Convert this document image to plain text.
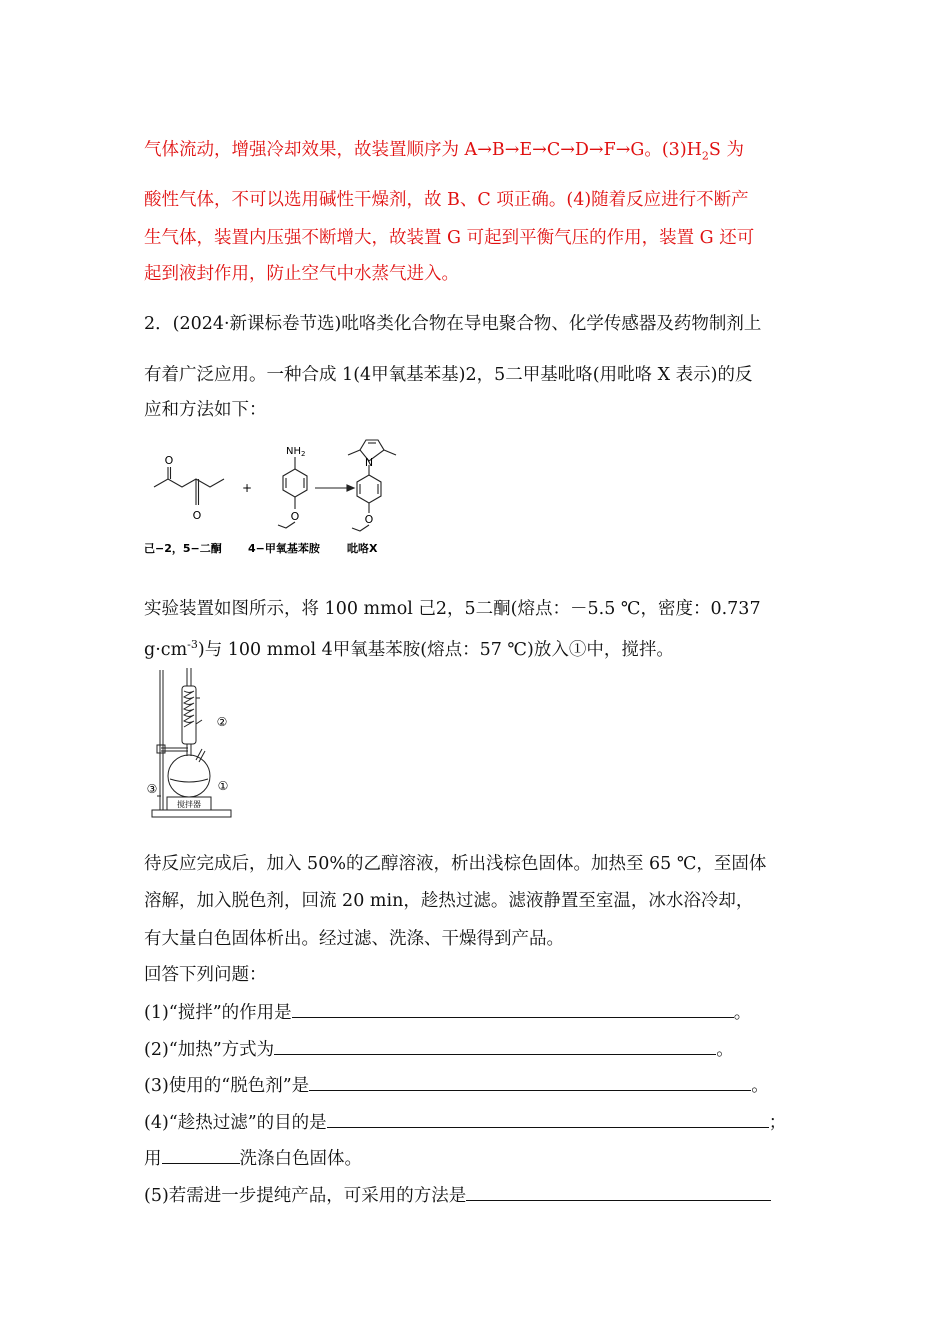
气体流动，增强冷却效果，故装置顺序为 A→B→E→C→D→F→G。$(3)H_2S$ 为
酸性气体，不可以选用碱性干燥剂，故 B、C 项正确。(4)随着反应进行不断产
生气体，装置内压强不断增大，故装置 G 可起到平衡气压的作用，装置 G 还可
起到液封作用，防止空气中水蒸气进入。
2．(2024·新课标卷节选)吡咯类化合物在导电聚合物、化学传感器及药物制剂上
有着广泛应用。一种合成 1(4甲氧基苯基)2，5二甲基吡咯(用吡咯 X 表示)的反
应和方法如下：
O
O
+
$NH_2$
O
N
O
己−2，5−二酮 4−甲氧基苯胺 吡咯X
实验装置如图所示，将 100 mmol 己2，5二酮(熔点：－5.5 ℃，密度：0.737
$g\cdot cm^{-3}$)与 100 mmol 4甲氧基苯胺(熔点：57 ℃)放入①中，搅拌。
②
①
③
搅拌器
待反应完成后，加入 50%的乙醇溶液，析出浅棕色固体。加热至 65 ℃，至固体
溶解，加入脱色剂，回流 20 min，趁热过滤。滤液静置至室温，冰水浴冷却，
有大量白色固体析出。经过滤、洗涤、干燥得到产品。
回答下列问题：
(1)“搅拌”的作用是	。
(2)“加热”方式为	。
(3)使用的“脱色剂”是	。
(4)“趁热过滤”的目的是	；
用	洗涤白色固体。
(5)若需进一步提纯产品，可采用的方法是
